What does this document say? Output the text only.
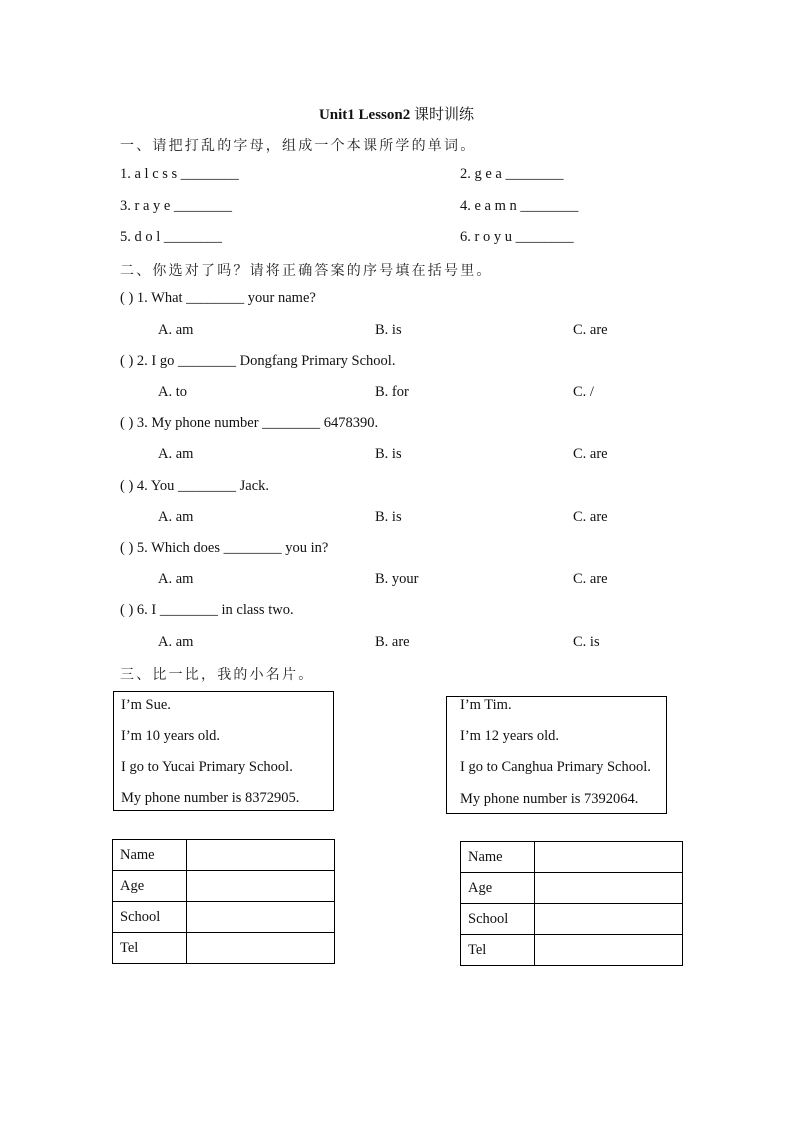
Unit1 Lesson2 课时训练
一、请把打乱的字母，组成一个本课所学的单词。
1. a l c s s ________	2. g e a ________
3. r a y e ________	4. e a m n ________
5. d o l ________	6. r o y u ________
二、你选对了吗？请将正确答案的序号填在括号里。
( ) 1. What ________ your name?
A. am	B. is	C. are
( ) 2. I go ________ Dongfang Primary School.
A. to	B. for	C. /
( ) 3. My phone number ________ 6478390.
A. am	B. is	C. are
( ) 4. You ________ Jack.
A. am	B. is	C. are
( ) 5. Which does ________ you in?
A. am	B. your	C. are
( ) 6. I ________ in class two.
A. am	B. are	C. is
三、比一比，我的小名片。
I’m Sue.
I’m 10 years old.
I go to Yucai Primary School.
My phone number is 8372905.
I’m Tim.
I’m 12 years old.
I go to Canghua Primary School.
My phone number is 7392064.
Name	
Age	
School	
Tel	
Name	
Age	
School	
Tel	
